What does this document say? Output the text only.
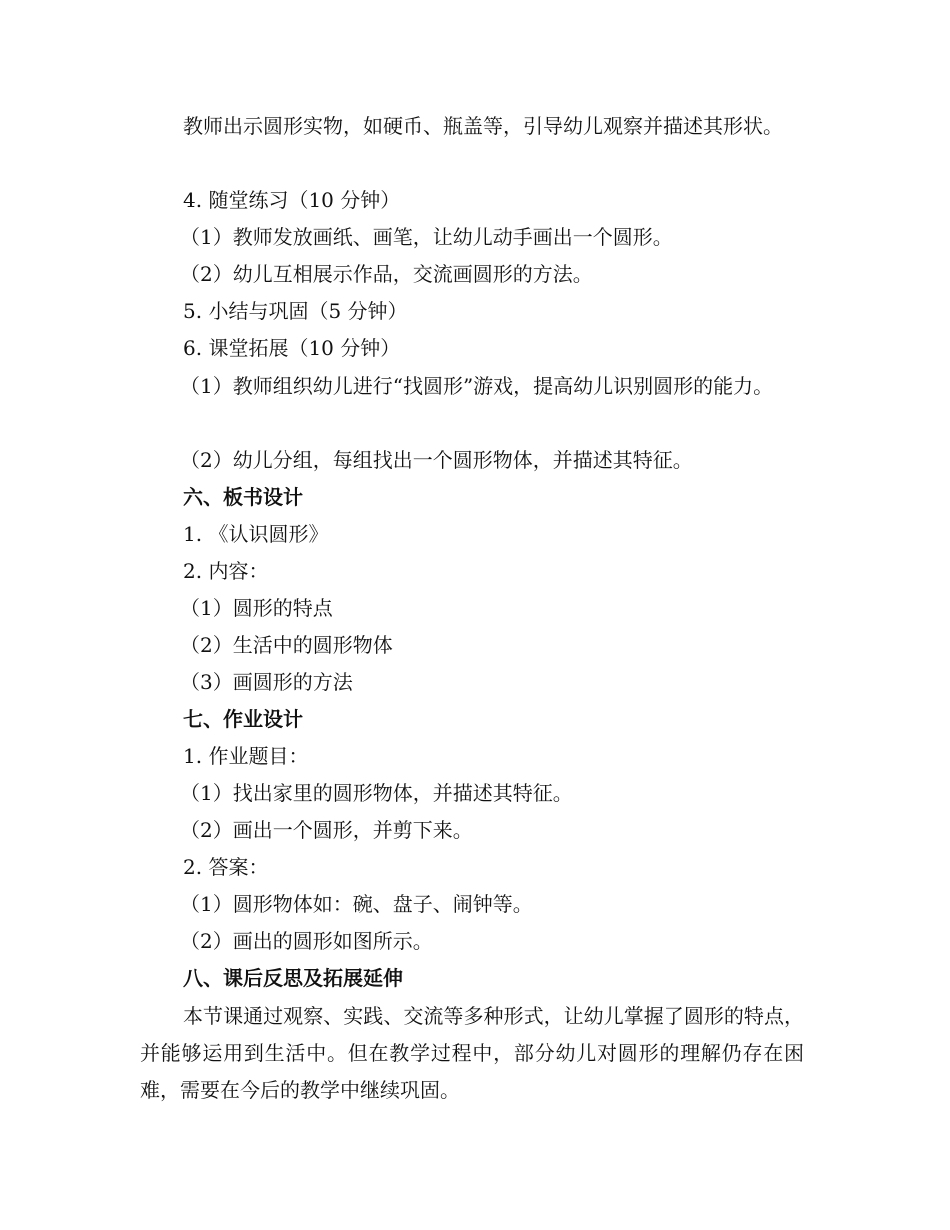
教师出示圆形实物，如硬币、瓶盖等，引导幼儿观察并描述其形状。
4. 随堂练习（10 分钟）
（1）教师发放画纸、画笔，让幼儿动手画出一个圆形。
（2）幼儿互相展示作品，交流画圆形的方法。
5. 小结与巩固（5 分钟）
6. 课堂拓展（10 分钟）
（1）教师组织幼儿进行“找圆形”游戏，提高幼儿识别圆形的能力。
（2）幼儿分组，每组找出一个圆形物体，并描述其特征。
六、板书设计
1. 《认识圆形》
2. 内容：
（1）圆形的特点
（2）生活中的圆形物体
（3）画圆形的方法
七、作业设计
1. 作业题目：
（1）找出家里的圆形物体，并描述其特征。
（2）画出一个圆形，并剪下来。
2. 答案：
（1）圆形物体如：碗、盘子、闹钟等。
（2）画出的圆形如图所示。
八、课后反思及拓展延伸
本节课通过观察、实践、交流等多种形式，让幼儿掌握了圆形的特点，并能够运用到生活中。但在教学过程中，部分幼儿对圆形的理解仍存在困难，需要在今后的教学中继续巩固。
